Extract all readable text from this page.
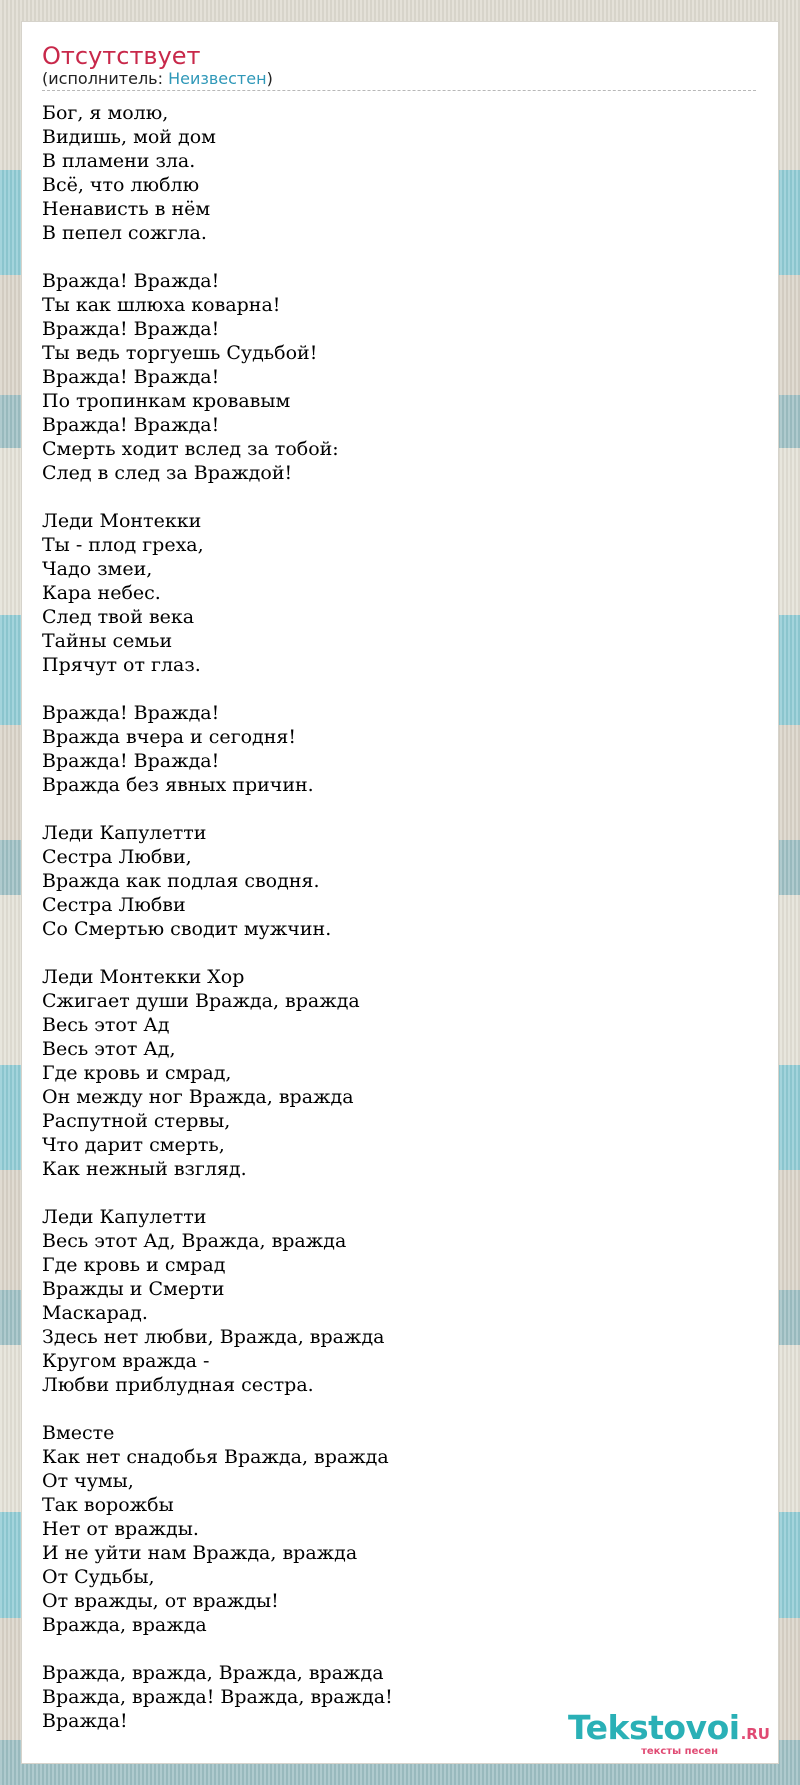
Отсутствует
(исполнитель: Неизвестен)
Бог, я молю,
Видишь, мой дом
В пламени зла.
Всё, что люблю
Ненависть в нём
В пепел сожгла.
Вражда! Вражда!
Ты как шлюха коварна!
Вражда! Вражда!
Ты ведь торгуешь Судьбой!
Вражда! Вражда!
По тропинкам кровавым
Вражда! Вражда!
Смерть ходит вслед за тобой:
След в след за Враждой!
Леди Монтекки
Ты - плод греха,
Чадо змеи,
Кара небес.
След твой века
Тайны семьи
Прячут от глаз.
Вражда! Вражда!
Вражда вчера и сегодня!
Вражда! Вражда!
Вражда без явных причин.
Леди Капулетти
Сестра Любви,
Вражда как подлая сводня.
Сестра Любви
Со Смертью сводит мужчин.
Леди Монтекки Хор
Сжигает души Вражда, вражда
Весь этот Ад
Весь этот Ад,
Где кровь и смрад,
Он между ног Вражда, вражда
Распутной стервы,
Что дарит смерть,
Как нежный взгляд.
Леди Капулетти
Весь этот Ад, Вражда, вражда
Где кровь и смрад
Вражды и Смерти
Маскарад.
Здесь нет любви, Вражда, вражда
Кругом вражда -
Любви приблудная сестра.
Вместе
Как нет снадобья Вражда, вражда
От чумы,
Так ворожбы
Нет от вражды.
И не уйти нам Вражда, вражда
От Судьбы,
От вражды, от вражды!
Вражда, вражда
Вражда, вражда, Вражда, вражда
Вражда, вражда! Вражда, вражда!
Вражда!	Tekstovoi.RU
тексты песен
